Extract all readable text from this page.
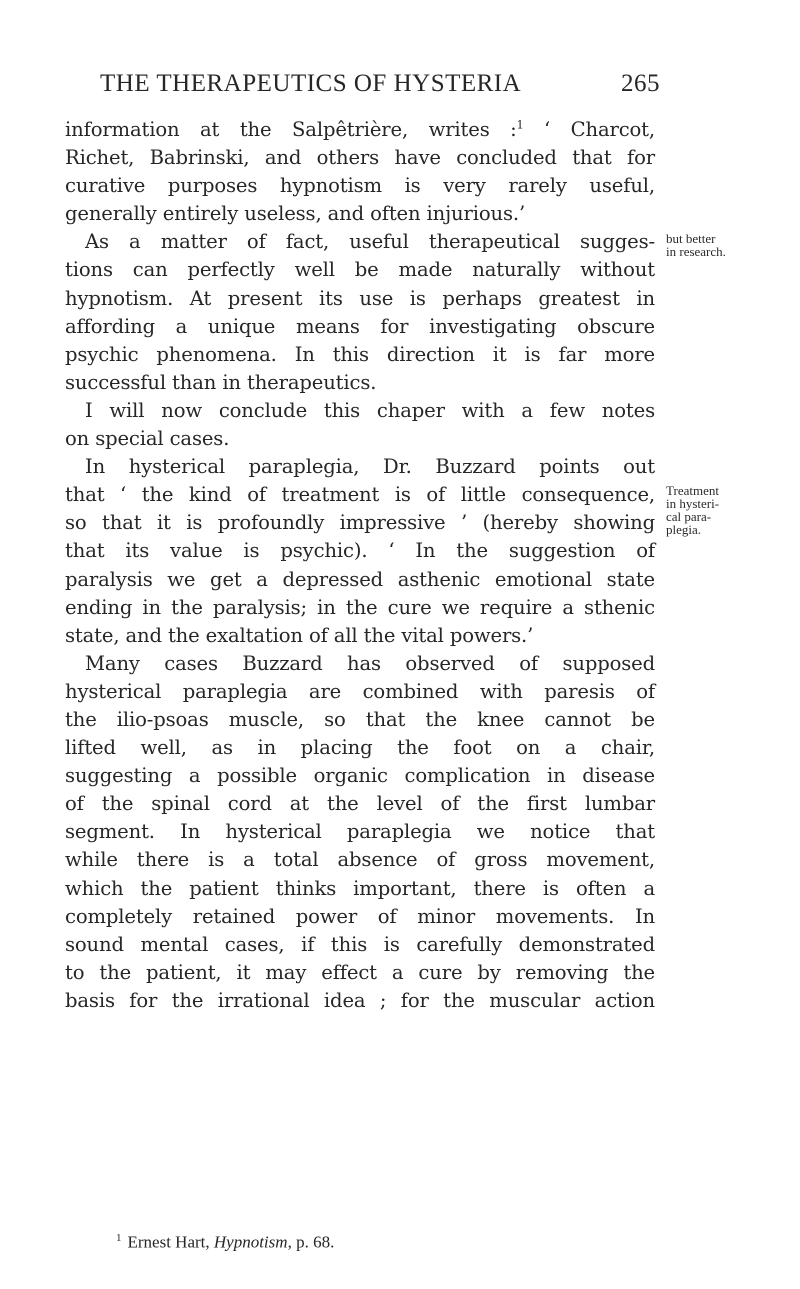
THE THERAPEUTICS OF HYSTERIA	265
information at the Salpêtrière, writes :$^1$ ‘ Charcot,
Richet, Babrinski, and others have concluded that for
curative purposes hypnotism is very rarely useful,
generally entirely useless, and often injurious.’
As a matter of fact, useful therapeutical sugges-
tions can perfectly well be made naturally without
hypnotism. At present its use is perhaps greatest in
affording a unique means for investigating obscure
psychic phenomena. In this direction it is far more
successful than in therapeutics.
I will now conclude this chaper with a few notes
on special cases.
In hysterical paraplegia, Dr. Buzzard points out
that ‘ the kind of treatment is of little consequence,
so that it is profoundly impressive ’ (hereby showing
that its value is psychic). ‘ In the suggestion of
paralysis we get a depressed asthenic emotional state
ending in the paralysis; in the cure we require a sthenic
state, and the exaltation of all the vital powers.’
Many cases Buzzard has observed of supposed
hysterical paraplegia are combined with paresis of
the ilio-psoas muscle, so that the knee cannot be
lifted well, as in placing the foot on a chair,
suggesting a possible organic complication in disease
of the spinal cord at the level of the first lumbar
segment. In hysterical paraplegia we notice that
while there is a total absence of gross movement,
which the patient thinks important, there is often a
completely retained power of minor movements. In
sound mental cases, if this is carefully demonstrated
to the patient, it may effect a cure by removing the
basis for the irrational idea ; for the muscular action
but better
in research.
Treatment
in hysteri-
cal para-
plegia.
$^1$ Ernest Hart, Hypnotism, p. 68.
